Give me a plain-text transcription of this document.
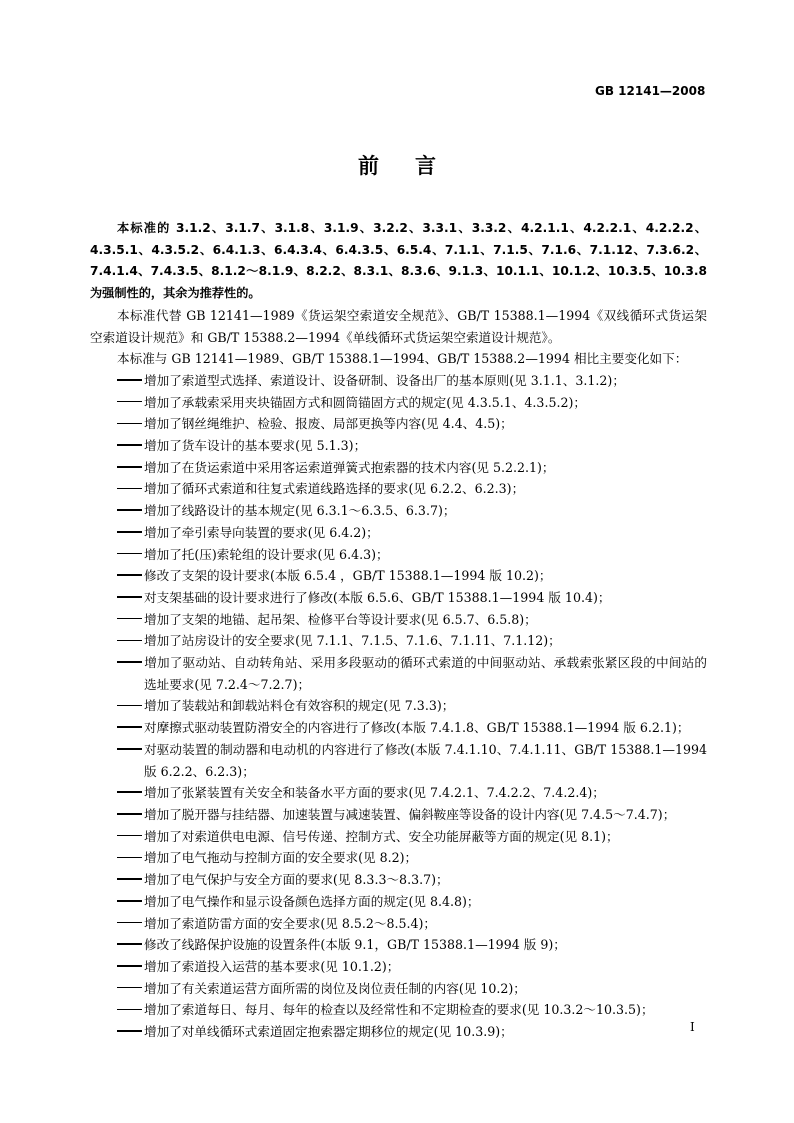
GB 12141—2008
前言
本标准的 3.1.2、3.1.7、3.1.8、3.1.9、3.2.2、3.3.1、3.3.2、4.2.1.1、4.2.2.1、4.2.2.2、4.3.5.1、4.3.5.2、6.4.1.3、6.4.3.4、6.4.3.5、6.5.4、7.1.1、7.1.5、7.1.6、7.1.12、7.3.6.2、7.4.1.4、7.4.3.5、8.1.2～8.1.9、8.2.2、8.3.1、8.3.6、9.1.3、10.1.1、10.1.2、10.3.5、10.3.8 为强制性的，其余为推荐性的。
本标准代替 GB 12141—1989《货运架空索道安全规范》、GB/T 15388.1—1994《双线循环式货运架空索道设计规范》和 GB/T 15388.2—1994《单线循环式货运架空索道设计规范》。
本标准与 GB 12141—1989、GB/T 15388.1—1994、GB/T 15388.2—1994 相比主要变化如下：
增加了索道型式选择、索道设计、设备研制、设备出厂的基本原则(见 3.1.1、3.1.2)；
增加了承载索采用夹块锚固方式和圆筒锚固方式的规定(见 4.3.5.1、4.3.5.2)；
增加了钢丝绳维护、检验、报废、局部更换等内容(见 4.4、4.5)；
增加了货车设计的基本要求(见 5.1.3)；
增加了在货运索道中采用客运索道弹簧式抱索器的技术内容(见 5.2.2.1)；
增加了循环式索道和往复式索道线路选择的要求(见 6.2.2、6.2.3)；
增加了线路设计的基本规定(见 6.3.1～6.3.5、6.3.7)；
增加了牵引索导向装置的要求(见 6.4.2)；
增加了托(压)索轮组的设计要求(见 6.4.3)；
修改了支架的设计要求(本版 6.5.4 ，GB/T 15388.1—1994 版 10.2)；
对支架基础的设计要求进行了修改(本版 6.5.6、GB/T 15388.1—1994 版 10.4)；
增加了支架的地锚、起吊架、检修平台等设计要求(见 6.5.7、6.5.8)；
增加了站房设计的安全要求(见 7.1.1、7.1.5、7.1.6、7.1.11、7.1.12)；
增加了驱动站、自动转角站、采用多段驱动的循环式索道的中间驱动站、承载索张紧区段的中间站的选址要求(见 7.2.4～7.2.7)；
增加了装载站和卸载站料仓有效容积的规定(见 7.3.3)；
对摩擦式驱动装置防滑安全的内容进行了修改(本版 7.4.1.8、GB/T 15388.1—1994 版 6.2.1)；
对驱动装置的制动器和电动机的内容进行了修改(本版 7.4.1.10、7.4.1.11、GB/T 15388.1—1994 版 6.2.2、6.2.3)；
增加了张紧装置有关安全和装备水平方面的要求(见 7.4.2.1、7.4.2.2、7.4.2.4)；
增加了脱开器与挂结器、加速装置与减速装置、偏斜鞍座等设备的设计内容(见 7.4.5～7.4.7)；
增加了对索道供电电源、信号传递、控制方式、安全功能屏蔽等方面的规定(见 8.1)；
增加了电气拖动与控制方面的安全要求(见 8.2)；
增加了电气保护与安全方面的要求(见 8.3.3～8.3.7)；
增加了电气操作和显示设备颜色选择方面的规定(见 8.4.8)；
增加了索道防雷方面的安全要求(见 8.5.2～8.5.4)；
修改了线路保护设施的设置条件(本版 9.1，GB/T 15388.1—1994 版 9)；
增加了索道投入运营的基本要求(见 10.1.2)；
增加了有关索道运营方面所需的岗位及岗位责任制的内容(见 10.2)；
增加了索道每日、每月、每年的检查以及经常性和不定期检查的要求(见 10.3.2～10.3.5)；
增加了对单线循环式索道固定抱索器定期移位的规定(见 10.3.9)；	I
